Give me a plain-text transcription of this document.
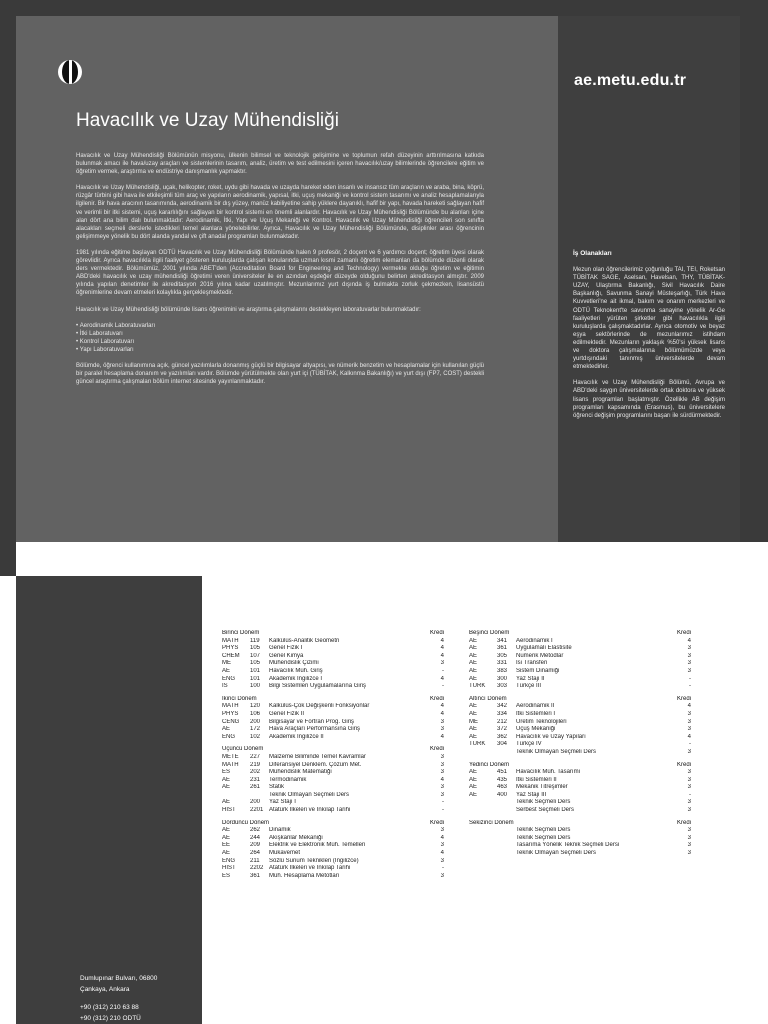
ae.metu.edu.tr
Havacılık ve Uzay Mühendisliği

Havacılık ve Uzay Mühendisliği Bölümünün misyonu, ülkenin bilimsel ve teknolojik gelişimine ve toplumun refah düzeyinin arttırılmasına katkıda bulunmak amacı ile hava/uzay araçları ve sistemlerinin tasarım, analiz, üretim ve test edilmesini içeren havacılık/uzay bilimlerinde öğrencilere eğitim ve öğretim vermek, araştırma ve endüstriye danışmanlık yapmaktır.

Havacılık ve Uzay Mühendisliği, uçak, helikopter, roket, uydu gibi havada ve uzayda hareket eden insanlı ve insansız tüm araçların ve araba, bina, köprü, rüzgâr türbini gibi hava ile etkileşimli tüm araç ve yapıların aerodinamik, yapısal, itki, uçuş mekaniği ve kontrol sistem tasarımı ve analiz hesaplamalarıyla ilgilenir. Bir hava aracının tasarımında, aerodinamik bir dış yüzey, manüz kabiliyetine sahip yüklere dayanıklı, hafif bir yapı, havada hareketi sağlayan hafif ve verimli bir itki sistemi, uçuş kararlılığını sağlayan bir kontrol sistemi en önemli alanlardır. Havacılık ve Uzay Mühendisliği Bölümünde bu alanları içine alan dört ana bilim dalı bulunmaktadır: Aerodinamik, İtki, Yapı ve Uçuş Mekaniği ve Kontrol. Havacılık ve Uzay Mühendisliği öğrencileri son sınıfta alacakları seçmeli derslerle istedikleri temel alanlara yönelebilirler. Ayrıca, Havacılık ve Uzay Mühendisliği Bölümünde, disiplinler arası öğrencinin gelişimmeye yönelik bu dört alanda yandal ve çift anadal programları bulunmaktadır.

1981 yılında eğitime başlayan ODTÜ Havacılık ve Uzay Mühendisliği Bölümünde halen 9 profesör, 2 doçent ve 6 yardımcı doçent; öğretim üyesi olarak görevlidir. Ayrıca havacılıkla ilgili faaliyet gösteren kuruluşlarda çalışan konularında uzman kısmi zamanlı öğretim elemanları da bölümde düzenli olarak ders vermektedir. Bölümümüz, 2001 yılında ABET'den (Accreditation Board for Engineering and Technology) vermekte olduğu öğretim ve eğitimin ABD'deki havacılık ve uzay mühendisliği öğretimi veren üniversiteler ile en azından eşdeğer düzeyde olduğunu belirten akreditasyon almıştır. 2009 yılında yapılan denetimler ile akreditasyon 2016 yılına kadar uzatılmıştır. Mezunlarımız yurt dışında iş bulmakta zorluk çekmezken, lisansüstü öğrenimlerine devam etmeleri kolaylıkla gerçekleşmektedir.

Havacılık ve Uzay Mühendisliği bölümünde lisans öğrenimini ve araştırma çalışmalarını destekleyen laboratuvarlar bulunmaktadır:

• Aerodinamik Laboratuvarları
• İtki Laboratuvarı
• Kontrol Laboratuvarı
• Yapı Laboratuvarları

Bölümde, öğrenci kullanımına açık, güncel yazılımlarla donanmış güçlü bir bilgisayar altyapısı, ve nümerik benzetim ve hesaplamalar için kullanılan güçlü bir paralel hesaplama donanım ve yazılımları vardır. Bölümde yürütülmekte olan yurt içi (TÜBİTAK, Kalkınma Bakanlığı) ve yurt dışı (FP7, COST) destekli güncel araştırma çalışmaları bölüm internet sitesinde yayınlanmaktadır.

İş Olanakları

Mezun olan öğrencilerimiz çoğunluğu TAI, TEI, Roketsan TÜBİTAK SAGE, Aselsan, Havelsan, THY, TÜBİTAK-UZAY, Ulaştırma Bakanlığı, Sivil Havacılık Daire Başkanlığı, Savunma Sanayi Müsteşarlığı, Türk Hava Kuvvetleri'ne ait ikmal, bakım ve onarım merkezleri ve ODTÜ Teknokent'te savunma sanayine yönelik Ar-Ge faaliyetleri yürüten şirketler gibi havacılıkla ilgili kuruluşlarda çalışmaktadırlar. Ayrıca otomotiv ve beyaz eşya sektörlerinde de mezunlarımız istihdam edilmektedir. Mezunların yaklaşık %50'si yüksek lisans ve doktora çalışmalarına bölümümüzde veya yurtdışındaki tanınmış üniversitelerde devam etmektedirler.

Havacılık ve Uzay Mühendisliği Bölümü, Avrupa ve ABD'deki saygın üniversitelerde ortak doktora ve yüksek lisans programları başlatmıştır. Özellikle AB değişim programları kapsamında (Erasmus), bu üniversitelere öğrenci değişim programlarını başarı ile sürdürmektedir.

Dumlupınar Bulvarı, 06800
Çankaya, Ankara
+90 (312) 210 63 88
+90 (312) 210 ODTÜ
Birinci Dönem			Kredi
MATH	119	Kalkülüs-Analitik Geometri	4
PHYS	105	Genel Fizik I	4
CHEM	107	Genel Kimya	4
ME	105	Mühendislik Çizimi	3
AE	101	Havacılık Müh. Giriş	-
ENG	101	Akademik İngilizce I	4
IS	100	Bilgi Sistemleri Uygulamalarına Giriş	-
İkinci Dönem			Kredi
MATH	120	Kalkülüs-Çok Değişkenli Fonksiyonlar	4
PHYS	106	Genel Fizik II	4
CENG	200	Bilgisayar ve Fortran Prog. Giriş	3
AE	172	Hava Araçları Performansına Giriş	3
ENG	102	Akademik İngilizce II	4
Üçüncü Dönem			Kredi
METE	227	Malzeme Biliminde Temel Kavramlar	3
MATH	219	Diferansiyel Denklem. Çözüm Met.	3
ES	202	Mühendislik Matematiği	3
AE	231	Termodinamik	4
AE	261	Statik	3
		Teknik Olmayan Seçmeli Ders	3
AE	200	Yaz Stajı I	-
HIST	2201	Atatürk İlkeleri ve İnkılap Tarihi	-
Dördüncü Dönem			Kredi
AE	262	Dinamik	3
AE	244	Akışkanlar Mekaniği	4
EE	209	Elektrik ve Elektronik Müh. Temelleri	3
AE	264	Mukavemet	4
ENG	211	Sözlü Sunum Teknikleri (İngilizce)	3
HIST	2202	Atatürk İlkeleri ve İnkılap Tarihi	-
ES	361	Müh. Hesaplama Metotları	3
Beşinci Dönem			Kredi
AE	341	Aerodinamik I	4
AE	361	Uygulamalı Elastisite	3
AE	305	Numerik Metodlar	3
AE	331	Isı Transferi	3
AE	383	Sistem Dinamiği	3
AE	300	Yaz Stajı II	-
TURK	303	Türkçe III	-
Altıncı Dönem			Kredi
AE	342	Aerodinamik II	4
AE	334	İtki Sistemleri I	3
ME	212	Üretim Teknolojileri	3
AE	372	Uçuş Mekaniği	3
AE	362	Havacılık ve Uzay Yapıları	4
TURK	304	Türkçe IV	-
		Teknik Olmayan Seçmeli Ders	3
Yedinci Dönem			Kredi
AE	451	Havacılık Müh. Tasarımı	3
AE	435	İtki Sistemleri II	3
AE	463	Mekanik Titreşimler	3
AE	400	Yaz Stajı III	-
		Teknik Seçmeli Ders	3
		Serbest Seçmeli Ders	3
Sekizinci Dönem			Kredi
		Teknik Seçmeli Ders	3
		Teknik Seçmeli Ders	3
		Tasarıma Yönelik Teknik Seçmeli Dersi	3
		Teknik Olmayan Seçmeli Ders	3
